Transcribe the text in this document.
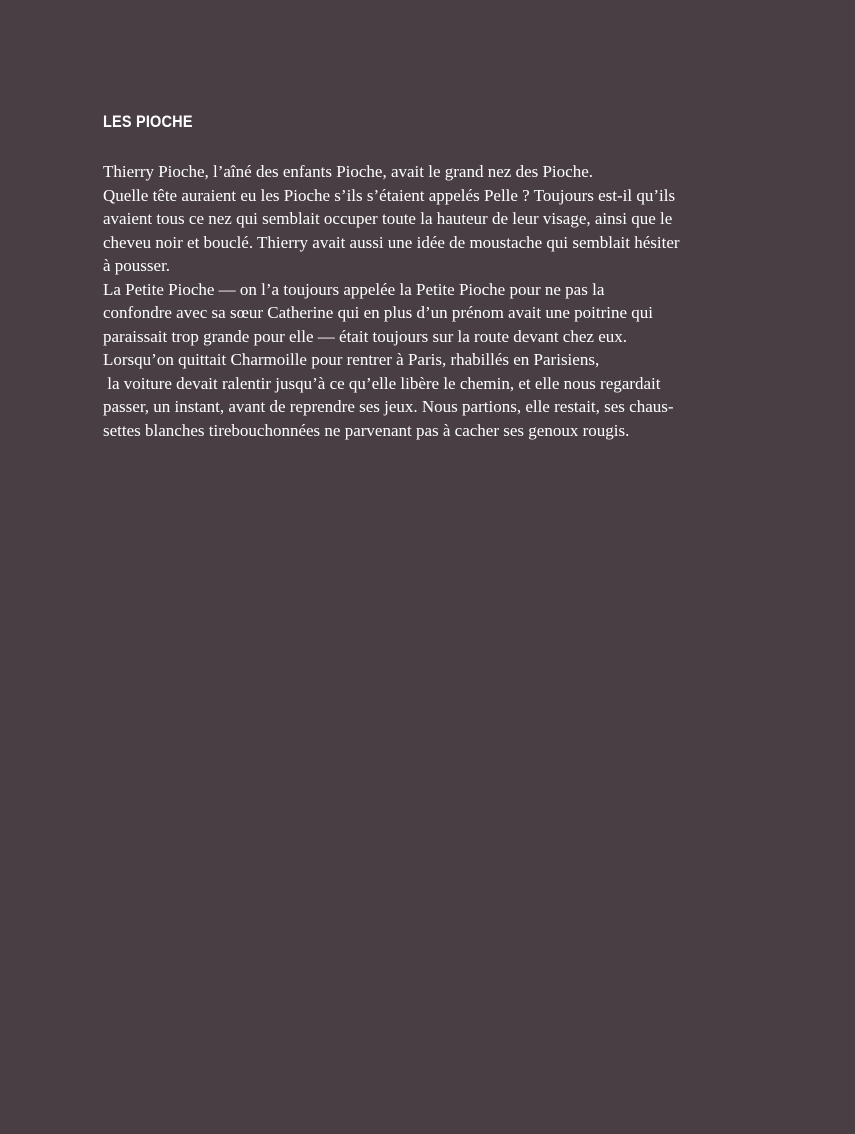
LES PIOCHE
Thierry Pioche, l’aîné des enfants Pioche, avait le grand nez des Pioche.
Quelle tête auraient eu les Pioche s’ils s’étaient appelés Pelle ? Toujours est-il qu’ils
avaient tous ce nez qui semblait occuper toute la hauteur de leur visage, ainsi que le
cheveu noir et bouclé. Thierry avait aussi une idée de moustache qui semblait hésiter
à pousser.
La Petite Pioche — on l’a toujours appelée la Petite Pioche pour ne pas la
confondre avec sa sœur Catherine qui en plus d’un prénom avait une poitrine qui
paraissait trop grande pour elle — était toujours sur la route devant chez eux.
Lorsqu’on quittait Charmoille pour rentrer à Paris, rhabillés en Parisiens,
la voiture devait ralentir jusqu’à ce qu’elle libère le chemin, et elle nous regardait
passer, un instant, avant de reprendre ses jeux. Nous partions, elle restait, ses chaus-
settes blanches tirebouchonnées ne parvenant pas à cacher ses genoux rougis.
